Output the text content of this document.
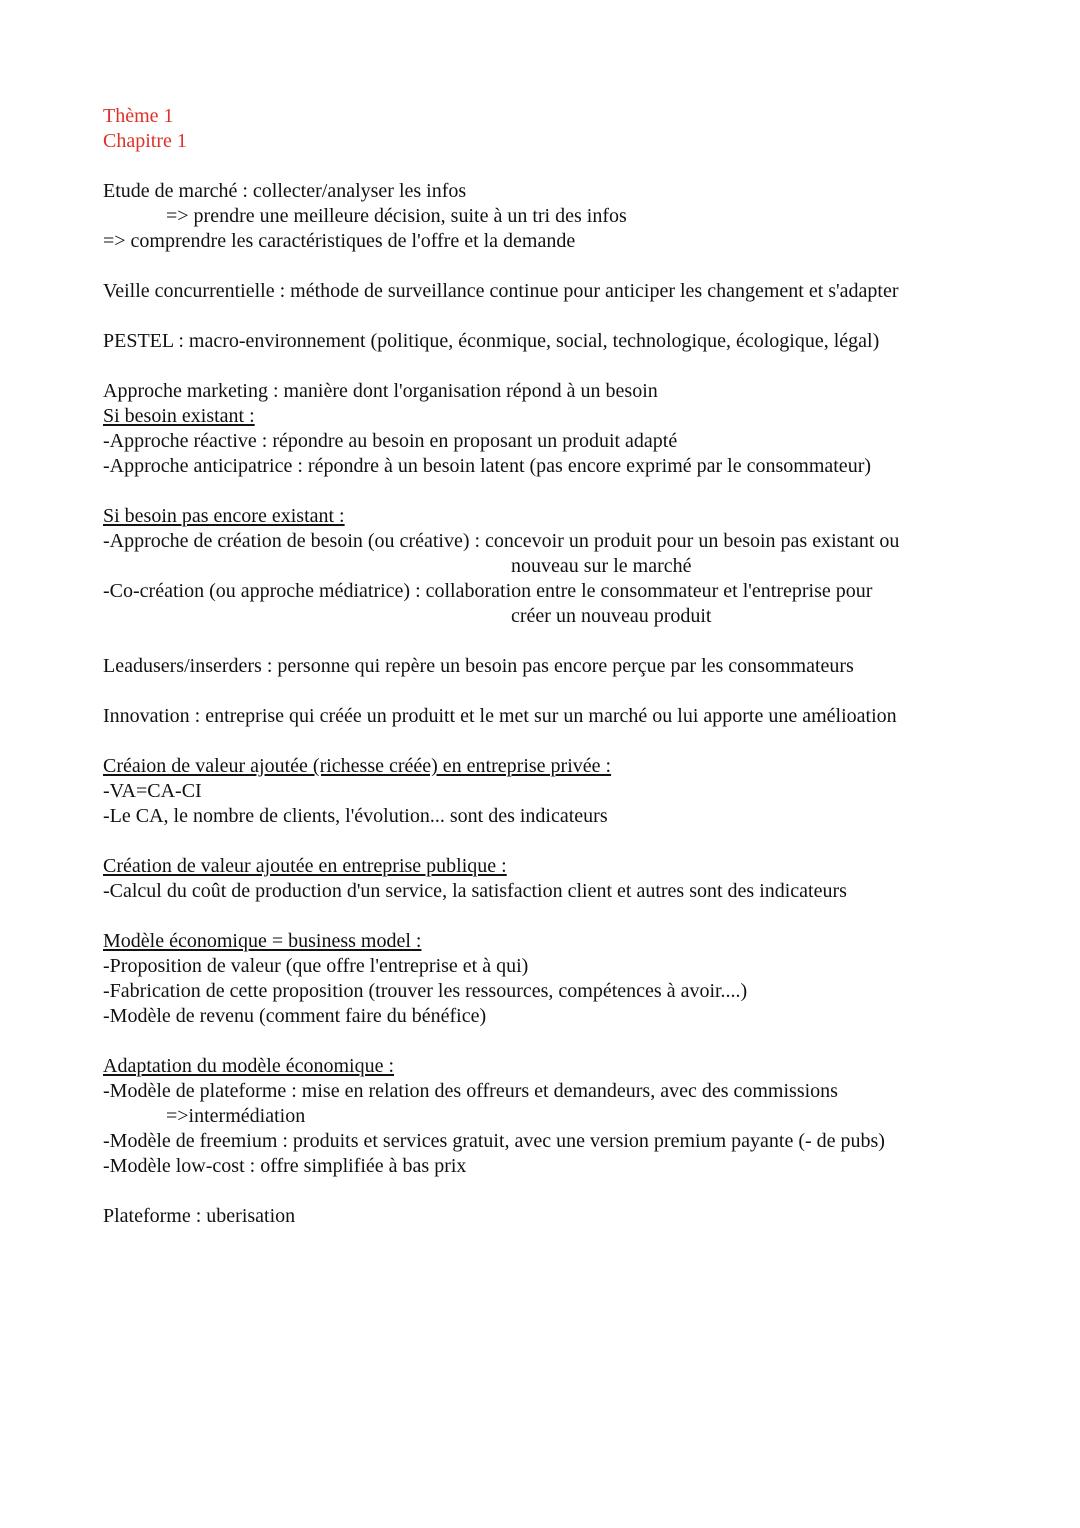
Thème 1
Chapitre 1
Etude de marché : collecter/analyser les infos
=> prendre une meilleure décision, suite à un tri des infos
=> comprendre les caractéristiques de l'offre et la demande
Veille concurrentielle : méthode de surveillance continue pour anticiper les changement et s'adapter
PESTEL : macro-environnement (politique, éconmique, social, technologique, écologique, légal)
Approche marketing : manière dont l'organisation répond à un besoin
Si besoin existant :
-Approche réactive : répondre au besoin en proposant un produit adapté
-Approche anticipatrice : répondre à un besoin latent (pas encore exprimé par le consommateur)
Si besoin pas encore existant :
-Approche de création de besoin (ou créative) : concevoir un produit pour un besoin pas existant ou
nouveau sur le marché
-Co-création (ou approche médiatrice) : collaboration entre le consommateur et l'entreprise pour
créer un nouveau produit
Leadusers/inserders : personne qui repère un besoin pas encore perçue par les consommateurs
Innovation : entreprise qui créée un produitt et le met sur un marché ou lui apporte une amélioation
Créaion de valeur ajoutée (richesse créée) en entreprise privée :
-VA=CA-CI
-Le CA, le nombre de clients, l'évolution... sont des indicateurs
Création de valeur ajoutée en entreprise publique :
-Calcul du coût de production d'un service, la satisfaction client et autres sont des indicateurs
Modèle économique = business model :
-Proposition de valeur (que offre l'entreprise et à qui)
-Fabrication de cette proposition (trouver les ressources, compétences à avoir....)
-Modèle de revenu (comment faire du bénéfice)
Adaptation du modèle économique :
-Modèle de plateforme : mise en relation des offreurs et demandeurs, avec des commissions
=>intermédiation
-Modèle de freemium : produits et services gratuit, avec une version premium payante (- de pubs)
-Modèle low-cost : offre simplifiée à bas prix
Plateforme : uberisation
